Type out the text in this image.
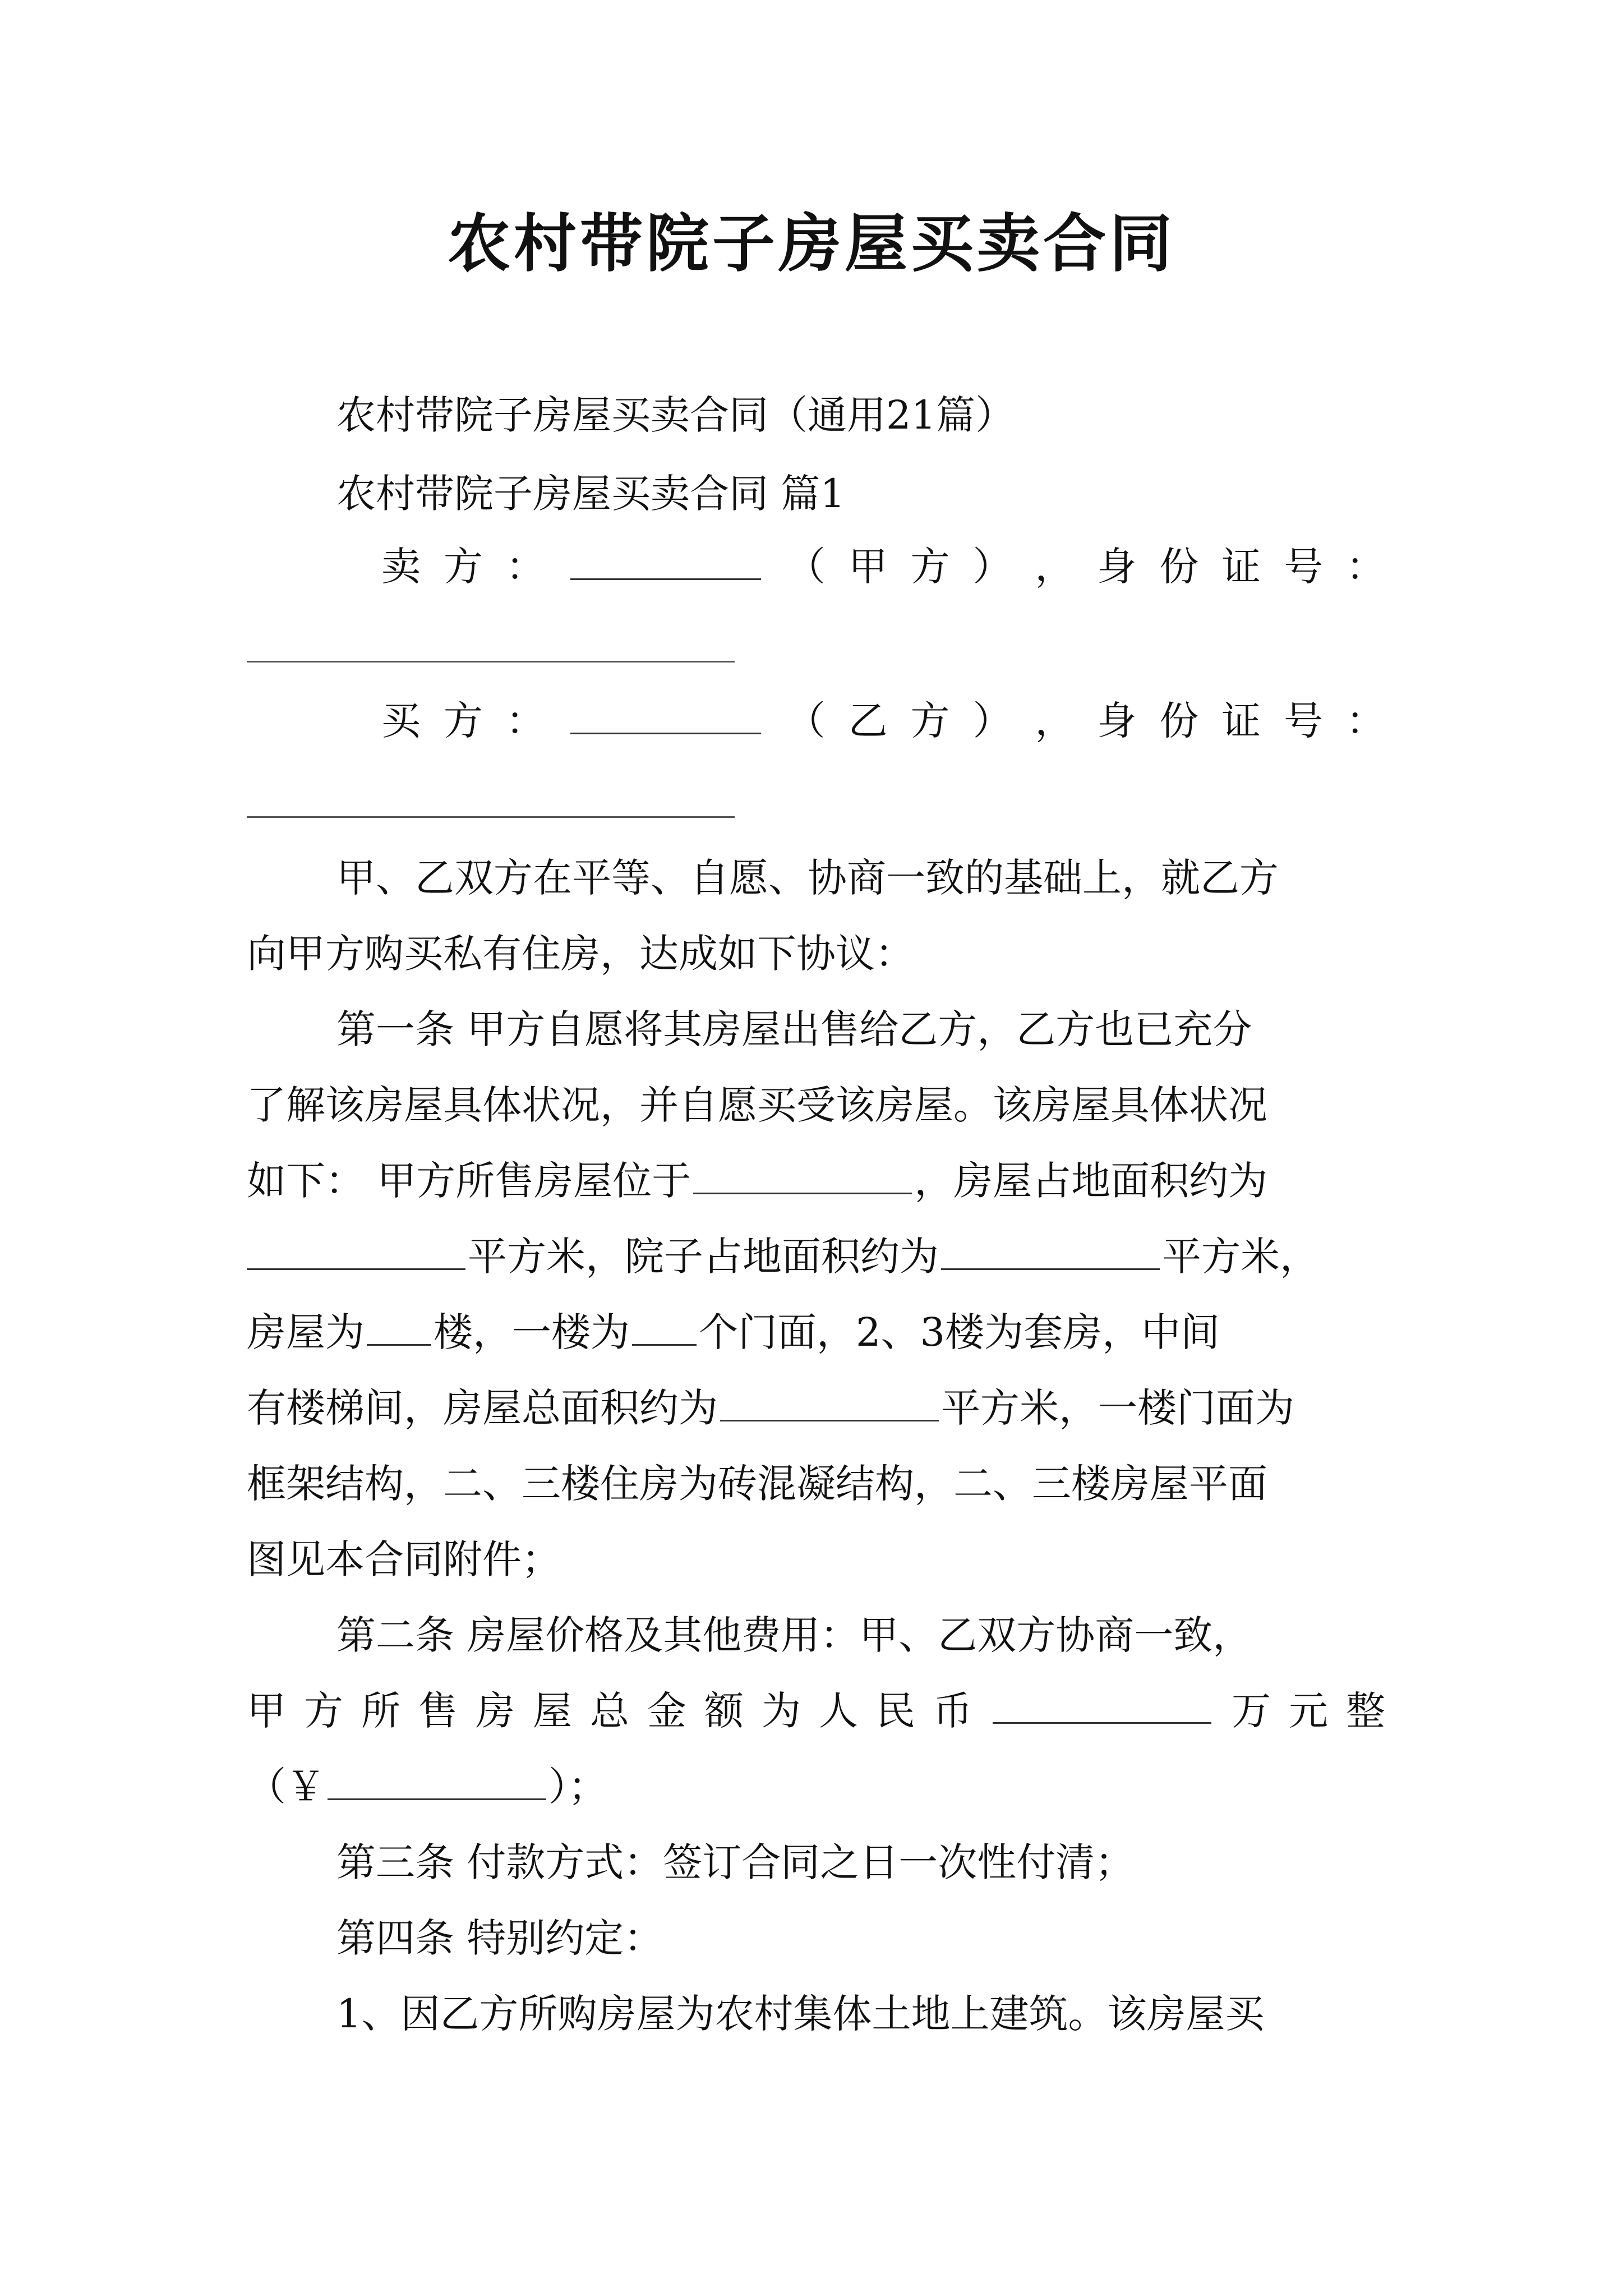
农村带院子房屋买卖合同
农村带院子房屋买卖合同（通用21篇）
农村带院子房屋买卖合同 篇1
卖 方 ：	（ 甲 方 ） ， 身 份 证 号 ：
买 方 ：	（ 乙 方 ） ， 身 份 证 号 ：
甲、乙双方在平等、自愿、协商一致的基础上，就乙方
向甲方购买私有住房，达成如下协议：
第一条 甲方自愿将其房屋出售给乙方，乙方也已充分
了解该房屋具体状况，并自愿买受该房屋。该房屋具体状况
如下： 甲方所售房屋位于	，房屋占地面积约为
平方米，院子占地面积约为	平方米，
房屋为 楼，一楼为 个门面，2、3楼为套房，中间
有楼梯间，房屋总面积约为	平方米，一楼门面为
框架结构，二、三楼住房为砖混凝结构，二、三楼房屋平面
图见本合同附件；
第二条 房屋价格及其他费用：甲、乙双方协商一致，
甲 方 所 售 房 屋 总 金 额 为 人 民 币	万 元 整
（￥	）；
第三条 付款方式：签订合同之日一次性付清；
第四条 特别约定：
1、因乙方所购房屋为农村集体土地上建筑。该房屋买
